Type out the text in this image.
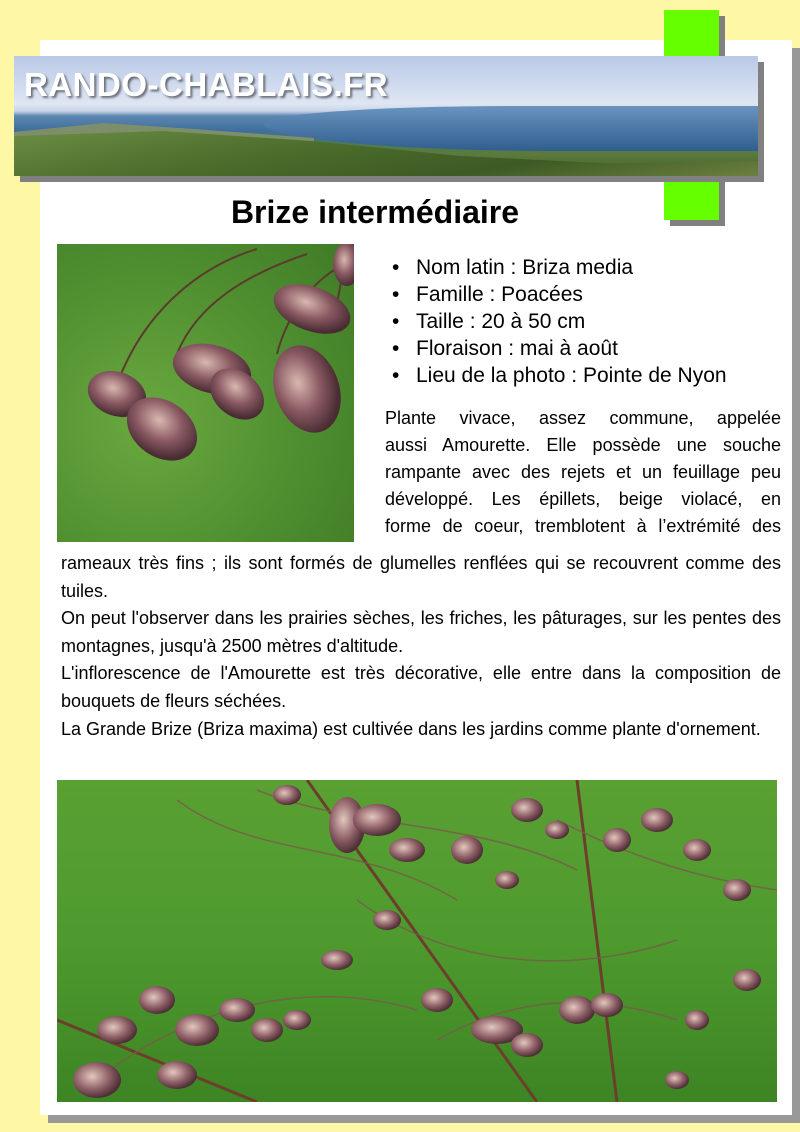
RANDO-CHABLAIS.FR
Brize intermédiaire
• Nom latin : Briza media
• Famille : Poacées
• Taille : 20 à 50 cm
• Floraison : mai à août
• Lieu de la photo : Pointe de Nyon
Plante vivace, assez commune, appelée
aussi Amourette. Elle possède une souche
rampante avec des rejets et un feuillage peu
développé. Les épillets, beige violacé, en
forme de coeur, tremblotent à l’extrémité des

rameaux très fins ; ils sont formés de glumelles renflées qui se recouvrent comme des tuiles.

On peut l'observer dans les prairies sèches, les friches, les pâturages, sur les pentes des montagnes, jusqu'à 2500 mètres d'altitude.

L'inflorescence de l'Amourette est très décorative, elle entre dans la composition de bouquets de fleurs séchées.

La Grande Brize (Briza maxima) est cultivée dans les jardins comme plante d'ornement.
